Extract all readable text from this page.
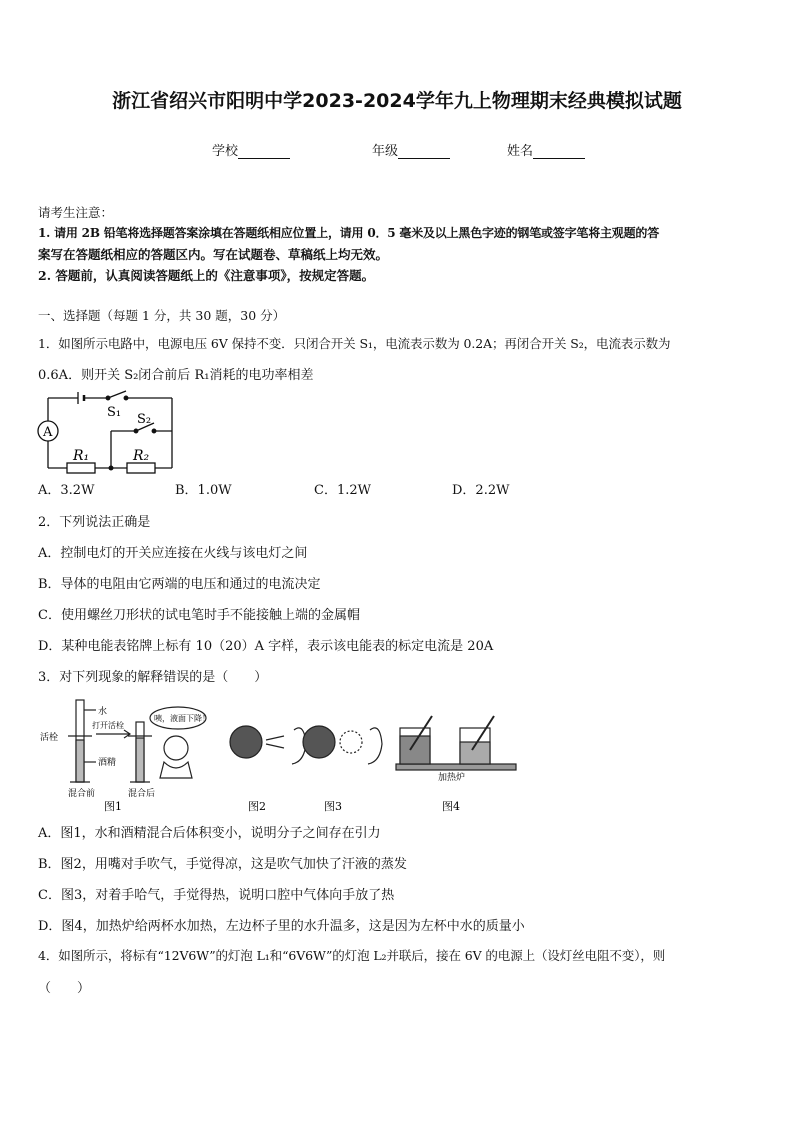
浙江省绍兴市阳明中学2023-2024学年九上物理期末经典模拟试题
学校	年级	姓名
请考生注意：
1. 请用 2B 铅笔将选择题答案涂填在答题纸相应位置上，请用 0．5 毫米及以上黑色字迹的钢笔或签字笔将主观题的答
案写在答题纸相应的答题区内。写在试题卷、草稿纸上均无效。
2. 答题前，认真阅读答题纸上的《注意事项》，按规定答题。
一、选择题（每题 1 分，共 30 题，30 分）
1．如图所示电路中，电源电压 6V 保持不变．只闭合开关 S₁，电流表示数为 0.2A；再闭合开关 S₂，电流表示数为
0.6A．则开关 S₂闭合前后 R₁消耗的电功率相差
A
S₁ S₂
R₁	R₂
A．3.2W	B．1.0W	C．1.2W	D．2.2W
2．下列说法正确是
A．控制电灯的开关应连接在火线与该电灯之间
B．导体的电阻由它两端的电压和通过的电流决定
C．使用螺丝刀形状的试电笔时手不能接触上端的金属帽
D．某种电能表铭牌上标有 10（20）A 字样，表示该电能表的标定电流是 20A
3．对下列现象的解释错误的是（　　）
水
酒精
活栓
打开活栓
咦，液面下降！
混合前	混合后
加热炉
图1	图2	图3	图4
A．图1，水和酒精混合后体积变小，说明分子之间存在引力
B．图2，用嘴对手吹气，手觉得凉，这是吹气加快了汗液的蒸发
C．图3，对着手哈气，手觉得热，说明口腔中气体向手放了热
D．图4，加热炉给两杯水加热，左边杯子里的水升温多，这是因为左杯中水的质量小
4．如图所示，将标有“12V6W”的灯泡 L₁和“6V6W”的灯泡 L₂并联后，接在 6V 的电源上（设灯丝电阻不变），则
（　　）
